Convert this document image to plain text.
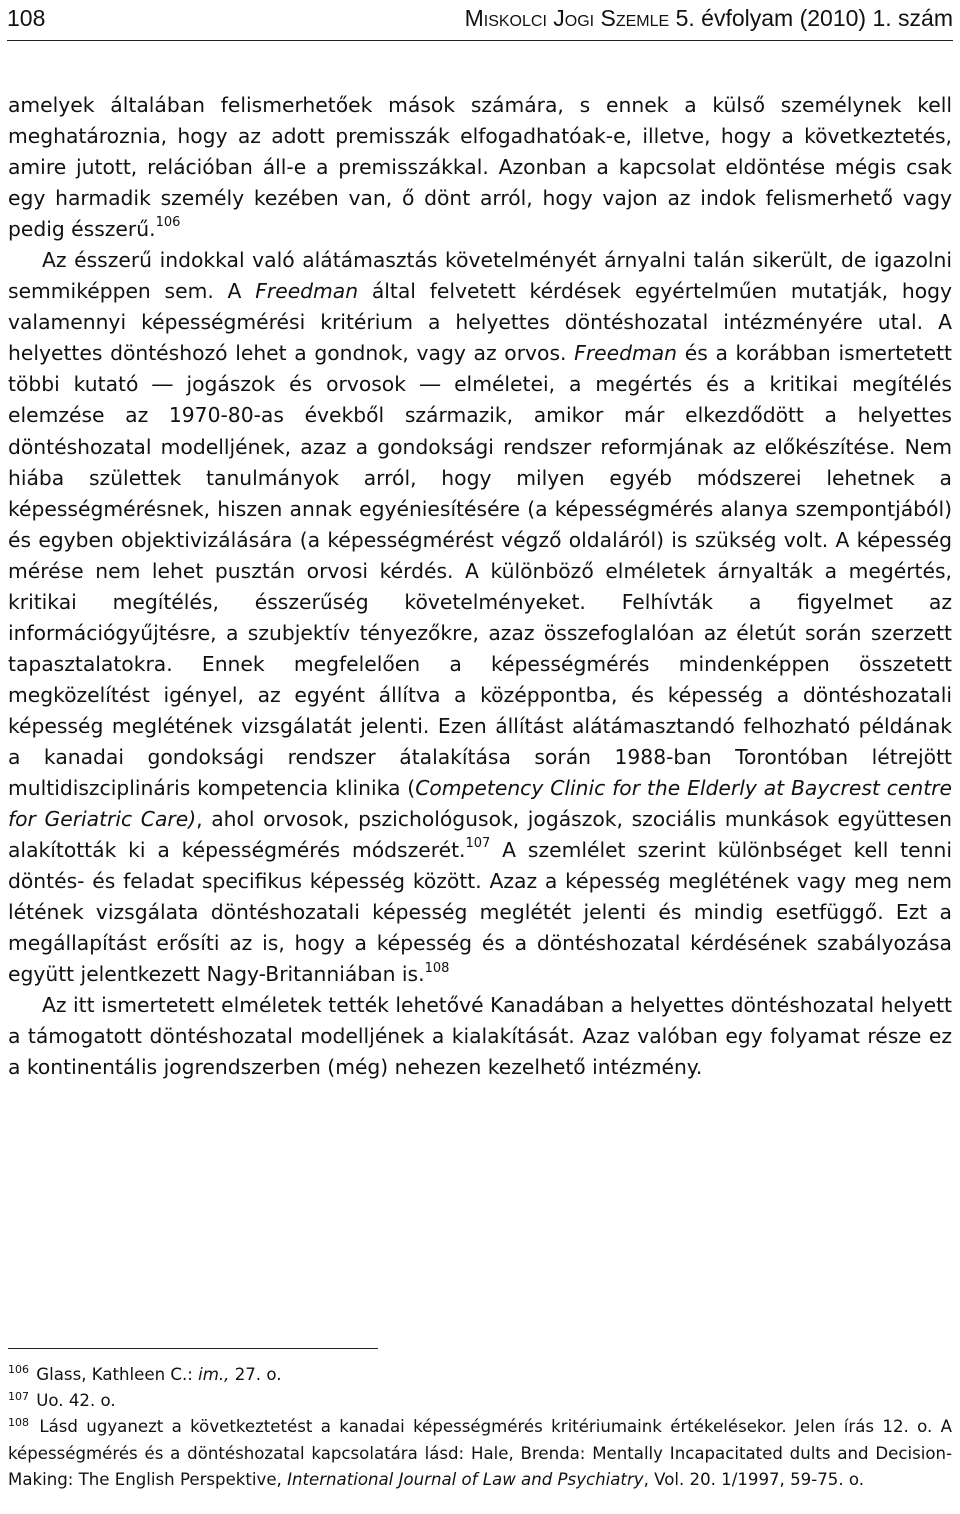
108	Miskolci Jogi Szemle 5. évfolyam (2010) 1. szám

amelyek általában felismerhetőek mások számára, s ennek a külső személynek kell meghatároznia, hogy az adott premisszák elfogadhatóak-e, illetve, hogy a következtetés, amire jutott, relációban áll-e a premisszákkal. Azonban a kapcsolat eldöntése mégis csak egy harmadik személy kezében van, ő dönt arról, hogy vajon az indok felismerhető vagy pedig ésszerű.$^{106}$

Az ésszerű indokkal való alátámasztás követelményét árnyalni talán sikerült, de igazolni semmiképpen sem. A Freedman által felvetett kérdések egyértelműen mutatják, hogy valamennyi képességmérési kritérium a helyettes döntéshozatal intézményére utal. A helyettes döntéshozó lehet a gondnok, vagy az orvos. Freedman és a korábban ismertetett többi kutató ― jogászok és orvosok ― elméletei, a megértés és a kritikai megítélés elemzése az 1970-80-as évekből származik, amikor már elkezdődött a helyettes döntéshozatal modelljének, azaz a gondoksági rendszer reformjának az előkészítése. Nem hiába születtek tanulmányok arról, hogy milyen egyéb módszerei lehetnek a képességmérésnek, hiszen annak egyéniesítésére (a képességmérés alanya szempontjából) és egyben objektivizálására (a képességmérést végző oldaláról) is szükség volt. A képesség mérése nem lehet pusztán orvosi kérdés. A különböző elméletek árnyalták a megértés, kritikai megítélés, ésszerűség követelményeket. Felhívták a figyelmet az információgyűjtésre, a szubjektív tényezőkre, azaz összefoglalóan az életút során szerzett tapasztalatokra. Ennek megfelelően a képességmérés mindenképpen összetett megközelítést igényel, az egyént állítva a középpontba, és képesség a döntéshozatali képesség meglétének vizsgálatát jelenti. Ezen állítást alátámasztandó felhozható példának a kanadai gondoksági rendszer átalakítása során 1988-ban Torontóban létrejött multidiszciplináris kompetencia klinika (Competency Clinic for the Elderly at Baycrest centre for Geriatric Care), ahol orvosok, pszichológusok, jogászok, szociális munkások együttesen alakították ki a képességmérés módszerét.$^{107}$ A szemlélet szerint különbséget kell tenni döntés- és feladat specifikus képesség között. Azaz a képesség meglétének vagy meg nem létének vizsgálata döntéshozatali képesség meglétét jelenti és mindig esetfüggő. Ezt a megállapítást erősíti az is, hogy a képesség és a döntéshozatal kérdésének szabályozása együtt jelentkezett Nagy-Britanniában is.$^{108}$

Az itt ismertetett elméletek tették lehetővé Kanadában a helyettes döntéshozatal helyett a támogatott döntéshozatal modelljének a kialakítását. Azaz valóban egy folyamat része ez a kontinentális jogrendszerben (még) nehezen kezelhető intézmény.

$^{106}$ Glass, Kathleen C.: im., 27. o.

$^{107}$ Uo. 42. o.

$^{108}$ Lásd ugyanezt a következtetést a kanadai képességmérés kritériumaink értékelésekor. Jelen írás 12. o. A képességmérés és a döntéshozatal kapcsolatára lásd: Hale, Brenda: Mentally Incapacitated dults and Decision-Making: The English Perspektive, International Journal of Law and Psychiatry, Vol. 20. 1/1997, 59-75. o.
